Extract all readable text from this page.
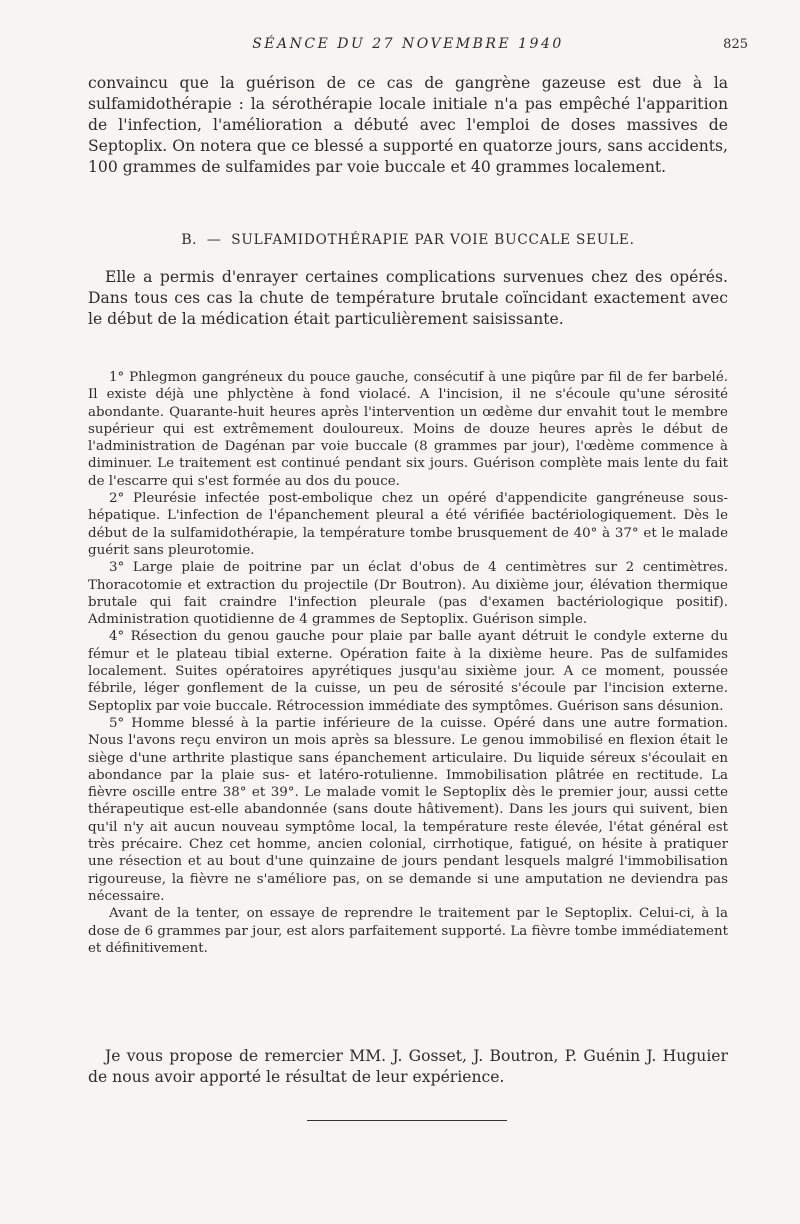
SÉANCE DU 27 NOVEMBRE 1940	825

convaincu que la guérison de ce cas de gangrène gazeuse est due à la sulfamidothérapie : la sérothérapie locale initiale n'a pas empêché l'apparition de l'infection, l'amélioration a débuté avec l'emploi de doses massives de Septoplix. On notera que ce blessé a supporté en quatorze jours, sans accidents, 100 grammes de sulfamides par voie buccale et 40 grammes localement.

B. — SULFAMIDOTHÉRAPIE PAR VOIE BUCCALE SEULE.

Elle a permis d'enrayer certaines complications survenues chez des opérés. Dans tous ces cas la chute de température brutale coïncidant exactement avec le début de la médication était particulièrement saisissante.

1° Phlegmon gangréneux du pouce gauche, consécutif à une piqûre par fil de fer barbelé. Il existe déjà une phlyctène à fond violacé. A l'incision, il ne s'écoule qu'une sérosité abondante. Quarante-huit heures après l'intervention un œdème dur envahit tout le membre supérieur qui est extrêmement douloureux. Moins de douze heures après le début de l'administration de Dagénan par voie buccale (8 grammes par jour), l'œdème commence à diminuer. Le traitement est continué pendant six jours. Guérison complète mais lente du fait de l'escarre qui s'est formée au dos du pouce.

2° Pleurésie infectée post-embolique chez un opéré d'appendicite gangréneuse sous-hépatique. L'infection de l'épanchement pleural a été vérifiée bactériologiquement. Dès le début de la sulfamidothérapie, la température tombe brusquement de 40° à 37° et le malade guérit sans pleurotomie.

3° Large plaie de poitrine par un éclat d'obus de 4 centimètres sur 2 centimètres. Thoracotomie et extraction du projectile (Dr Boutron). Au dixième jour, élévation thermique brutale qui fait craindre l'infection pleurale (pas d'examen bactériologique positif). Administration quotidienne de 4 grammes de Septoplix. Guérison simple.

4° Résection du genou gauche pour plaie par balle ayant détruit le condyle externe du fémur et le plateau tibial externe. Opération faite à la dixième heure. Pas de sulfamides localement. Suites opératoires apyrétiques jusqu'au sixième jour. A ce moment, poussée fébrile, léger gonflement de la cuisse, un peu de sérosité s'écoule par l'incision externe. Septoplix par voie buccale. Rétrocession immédiate des symptômes. Guérison sans désunion.

5° Homme blessé à la partie inférieure de la cuisse. Opéré dans une autre formation. Nous l'avons reçu environ un mois après sa blessure. Le genou immobilisé en flexion était le siège d'une arthrite plastique sans épanchement articulaire. Du liquide séreux s'écoulait en abondance par la plaie sus- et latéro-rotulienne. Immobilisation plâtrée en rectitude. La fièvre oscille entre 38° et 39°. Le malade vomit le Septoplix dès le premier jour, aussi cette thérapeutique est-elle abandonnée (sans doute hâtivement). Dans les jours qui suivent, bien qu'il n'y ait aucun nouveau symptôme local, la température reste élevée, l'état général est très précaire. Chez cet homme, ancien colonial, cirrhotique, fatigué, on hésite à pratiquer une résection et au bout d'une quinzaine de jours pendant lesquels malgré l'immobilisation rigoureuse, la fièvre ne s'améliore pas, on se demande si une amputation ne deviendra pas nécessaire.

Avant de la tenter, on essaye de reprendre le traitement par le Septoplix. Celui-ci, à la dose de 6 grammes par jour, est alors parfaitement supporté. La fièvre tombe immédiatement et définitivement.

Je vous propose de remercier MM. J. Gosset, J. Boutron, P. Guénin J. Huguier de nous avoir apporté le résultat de leur expérience.
